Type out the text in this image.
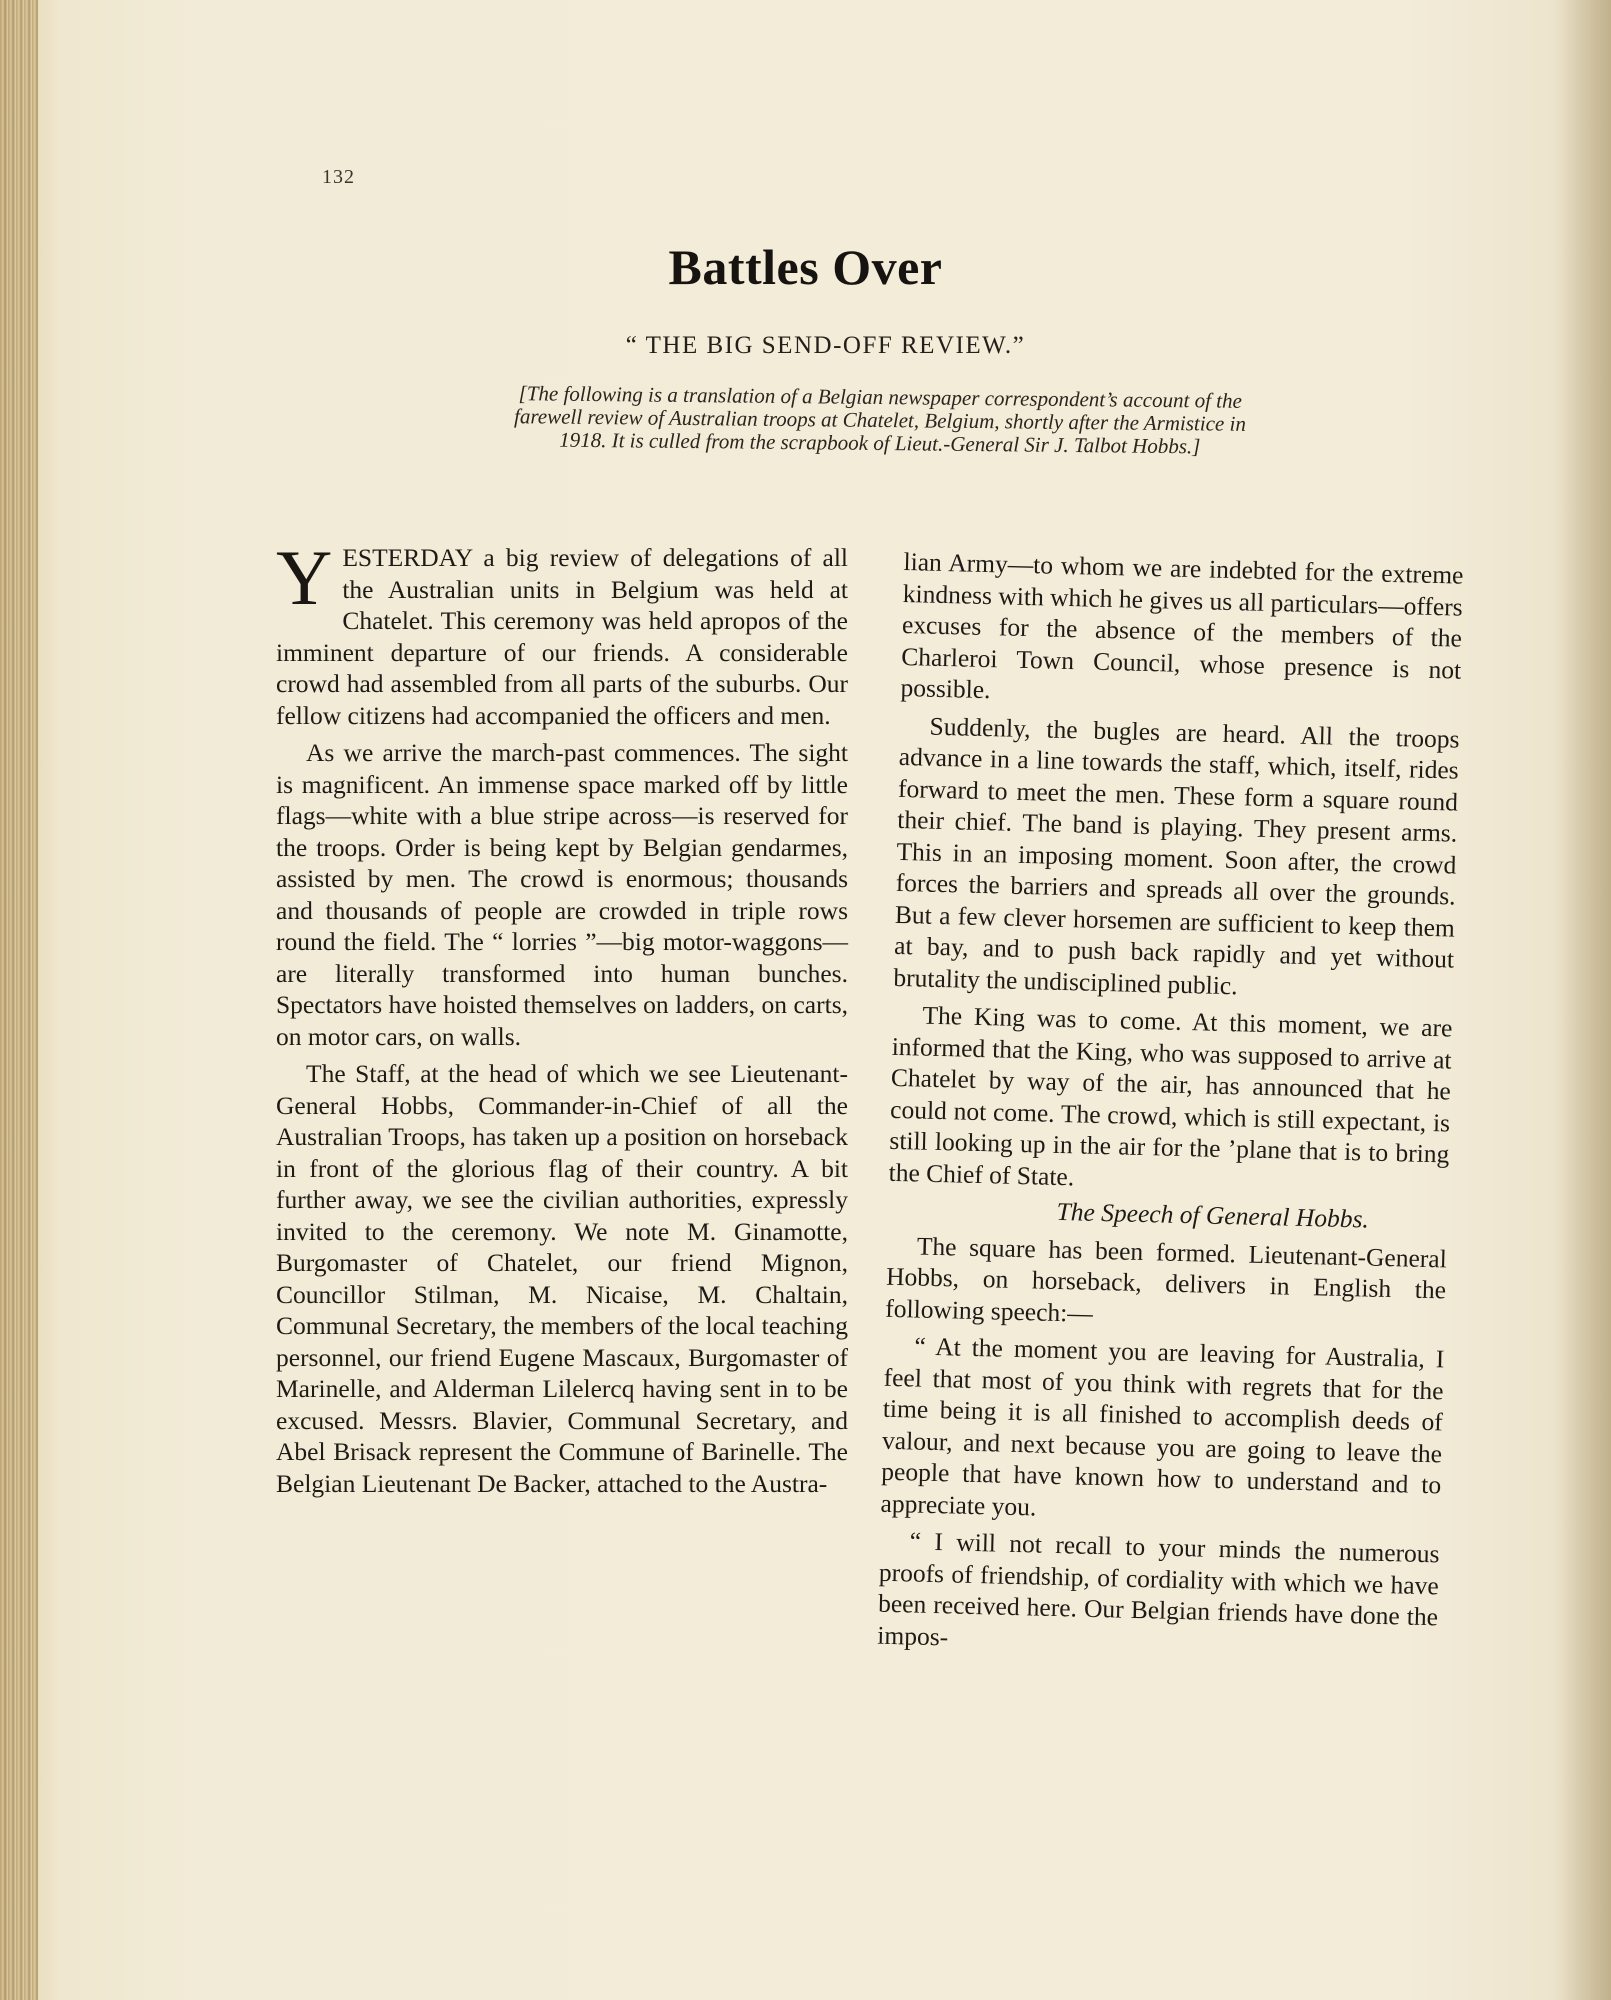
132
Battles Over
“ THE BIG SEND-OFF REVIEW.”
[The following is a translation of a Belgian newspaper correspondent’s account of the farewell review of Australian troops at Chatelet, Belgium, shortly after the Armistice in 1918. It is culled from the scrapbook of Lieut.-General Sir J. Talbot Hobbs.]

YESTERDAY a big review of delegations of all the Australian units in Belgium was held at Chatelet. This ceremony was held apropos of the imminent departure of our friends. A considerable crowd had assembled from all parts of the suburbs. Our fellow citizens had accompanied the officers and men.

As we arrive the march-past commences. The sight is magnificent. An immense space marked off by little flags—white with a blue stripe across—is reserved for the troops. Order is being kept by Belgian gendarmes, assisted by men. The crowd is enormous; thousands and thousands of people are crowded in triple rows round the field. The “ lorries ”—big motor-waggons—are literally transformed into human bunches. Spectators have hoisted themselves on ladders, on carts, on motor cars, on walls.

The Staff, at the head of which we see Lieutenant-General Hobbs, Commander-in-Chief of all the Australian Troops, has taken up a position on horseback in front of the glorious flag of their country. A bit further away, we see the civilian authorities, expressly invited to the ceremony. We note M. Ginamotte, Burgomaster of Chatelet, our friend Mignon, Councillor Stilman, M. Nicaise, M. Chaltain, Communal Secretary, the members of the local teaching personnel, our friend Eugene Mascaux, Burgomaster of Marinelle, and Alderman Lilelercq having sent in to be excused. Messrs. Blavier, Communal Secretary, and Abel Brisack represent the Commune of Barinelle. The Belgian Lieutenant De Backer, attached to the Austra-

lian Army—to whom we are indebted for the extreme kindness with which he gives us all particulars—offers excuses for the absence of the members of the Charleroi Town Council, whose presence is not possible.

Suddenly, the bugles are heard. All the troops advance in a line towards the staff, which, itself, rides forward to meet the men. These form a square round their chief. The band is playing. They present arms. This in an imposing moment. Soon after, the crowd forces the barriers and spreads all over the grounds. But a few clever horsemen are sufficient to keep them at bay, and to push back rapidly and yet without brutality the undisciplined public.

The King was to come. At this moment, we are informed that the King, who was supposed to arrive at Chatelet by way of the air, has announced that he could not come. The crowd, which is still expectant, is still looking up in the air for the ’plane that is to bring the Chief of State.

The Speech of General Hobbs.

The square has been formed. Lieutenant-General Hobbs, on horseback, delivers in English the following speech:—

“ At the moment you are leaving for Australia, I feel that most of you think with regrets that for the time being it is all finished to accomplish deeds of valour, and next because you are going to leave the people that have known how to understand and to appreciate you.

“ I will not recall to your minds the numerous proofs of friendship, of cordiality with which we have been received here. Our Belgian friends have done the impos-
